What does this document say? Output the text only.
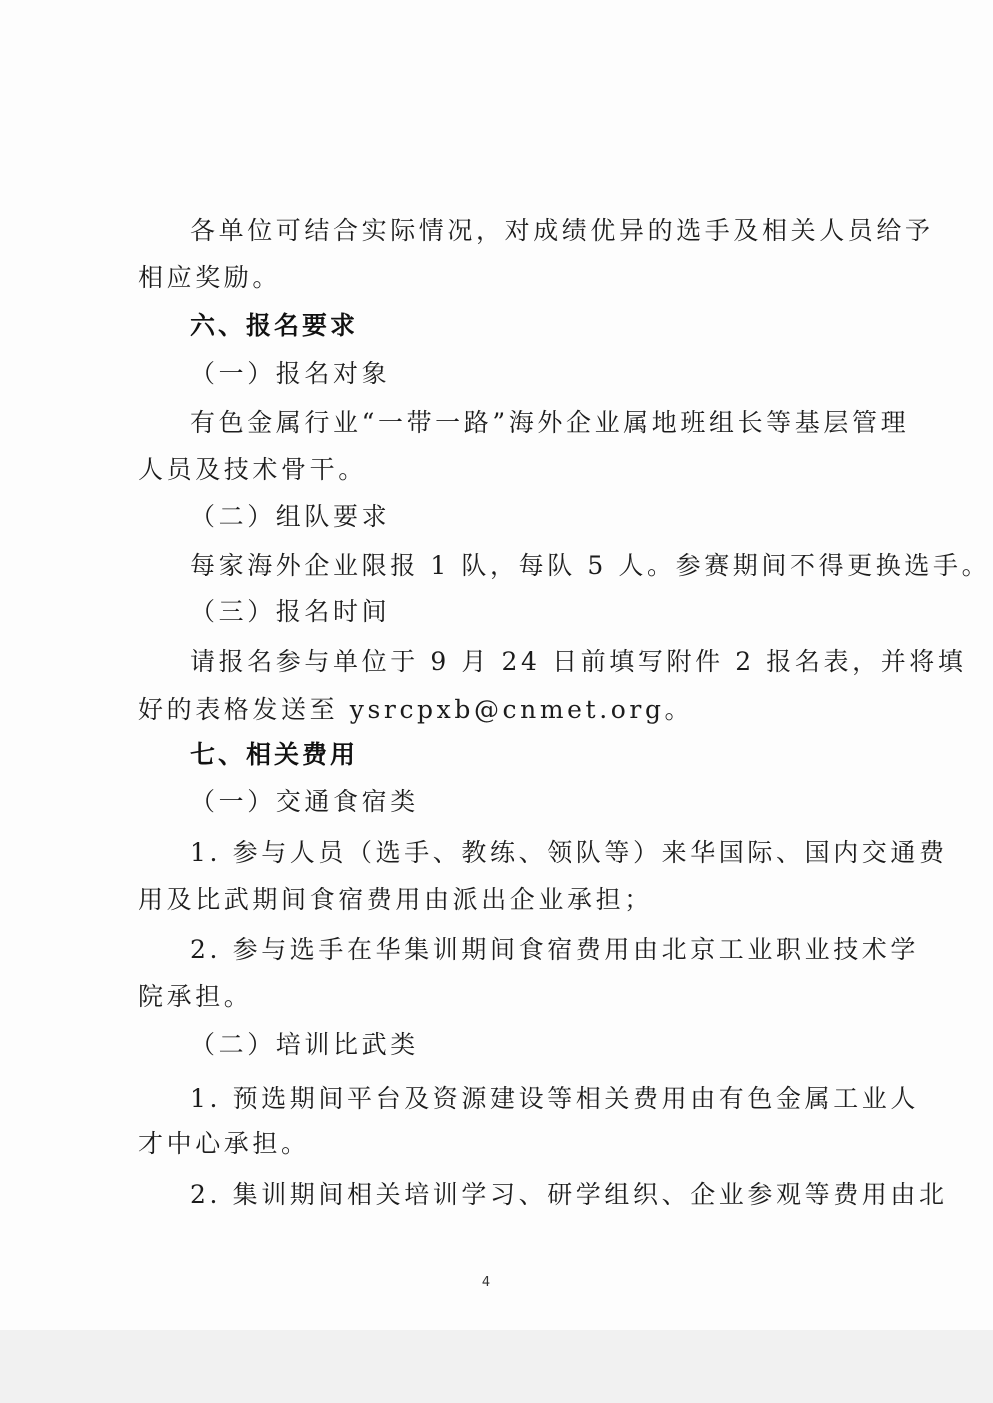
各单位可结合实际情况，对成绩优异的选手及相关人员给予
相应奖励。
六、报名要求
（一）报名对象
有色金属行业“一带一路”海外企业属地班组长等基层管理
人员及技术骨干。
（二）组队要求
每家海外企业限报 1 队，每队 5 人。参赛期间不得更换选手。
（三）报名时间
请报名参与单位于 9 月 24 日前填写附件 2 报名表，并将填
好的表格发送至 ysrcpxb@cnmet.org。
七、相关费用
（一）交通食宿类
1. 参与人员（选手、教练、领队等）来华国际、国内交通费
用及比武期间食宿费用由派出企业承担；
2. 参与选手在华集训期间食宿费用由北京工业职业技术学
院承担。
（二）培训比武类
1. 预选期间平台及资源建设等相关费用由有色金属工业人
才中心承担。
2. 集训期间相关培训学习、研学组织、企业参观等费用由北
4
